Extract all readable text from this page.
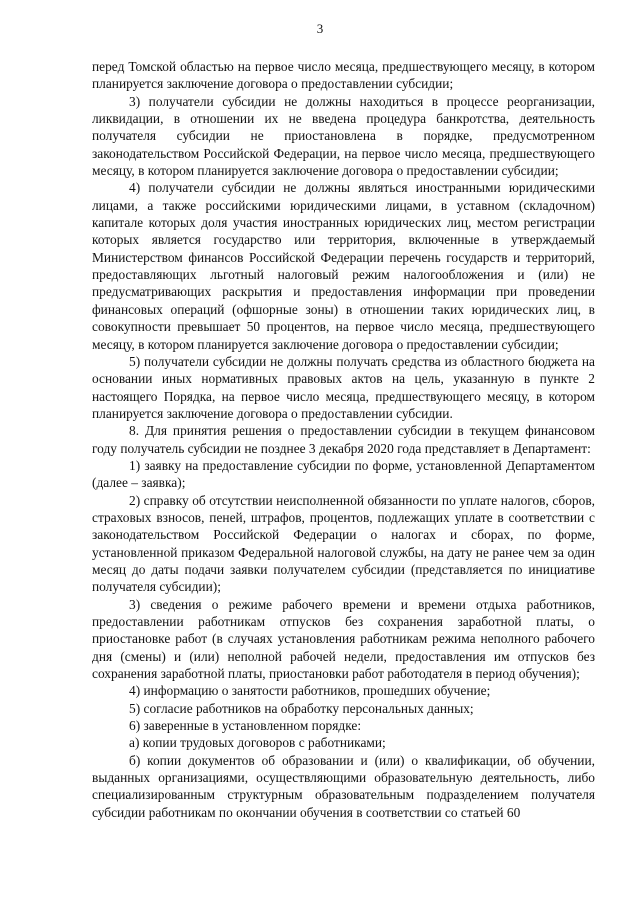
3

перед Томской областью на первое число месяца, предшествующего месяцу, в котором планируется заключение договора о предоставлении субсидии;

3) получатели субсидии не должны находиться в процессе реорганизации, ликвидации, в отношении их не введена процедура банкротства, деятельность получателя субсидии не приостановлена в порядке, предусмотренном законодательством Российской Федерации, на первое число месяца, предшествующего месяцу, в котором планируется заключение договора о предоставлении субсидии;

4) получатели субсидии не должны являться иностранными юридическими лицами, а также российскими юридическими лицами, в уставном (складочном) капитале которых доля участия иностранных юридических лиц, местом регистрации которых является государство или территория, включенные в утверждаемый Министерством финансов Российской Федерации перечень государств и территорий, предоставляющих льготный налоговый режим налогообложения и (или) не предусматривающих раскрытия и предоставления информации при проведении финансовых операций (офшорные зоны) в отношении таких юридических лиц, в совокупности превышает 50 процентов, на первое число месяца, предшествующего месяцу, в котором планируется заключение договора о предоставлении субсидии;

5) получатели субсидии не должны получать средства из областного бюджета на основании иных нормативных правовых актов на цель, указанную в пункте 2 настоящего Порядка, на первое число месяца, предшествующего месяцу, в котором планируется заключение договора о предоставлении субсидии.

8. Для принятия решения о предоставлении субсидии в текущем финансовом году получатель субсидии не позднее 3 декабря 2020 года представляет в Департамент:

1) заявку на предоставление субсидии по форме, установленной Департаментом (далее – заявка);

2) справку об отсутствии неисполненной обязанности по уплате налогов, сборов, страховых взносов, пеней, штрафов, процентов, подлежащих уплате в соответствии с законодательством Российской Федерации о налогах и сборах, по форме, установленной приказом Федеральной налоговой службы, на дату не ранее чем за один месяц до даты подачи заявки получателем субсидии (представляется по инициативе получателя субсидии);

3) сведения о режиме рабочего времени и времени отдыха работников, предоставлении работникам отпусков без сохранения заработной платы, о приостановке работ (в случаях установления работникам режима неполного рабочего дня (смены) и (или) неполной рабочей недели, предоставления им отпусков без сохранения заработной платы, приостановки работ работодателя в период обучения);

4) информацию о занятости работников, прошедших обучение;

5) согласие работников на обработку персональных данных;

6) заверенные в установленном порядке:

а) копии трудовых договоров с работниками;

б) копии документов об образовании и (или) о квалификации, об обучении, выданных организациями, осуществляющими образовательную деятельность, либо специализированным структурным образовательным подразделением получателя субсидии работникам по окончании обучения в соответствии со статьей 60
